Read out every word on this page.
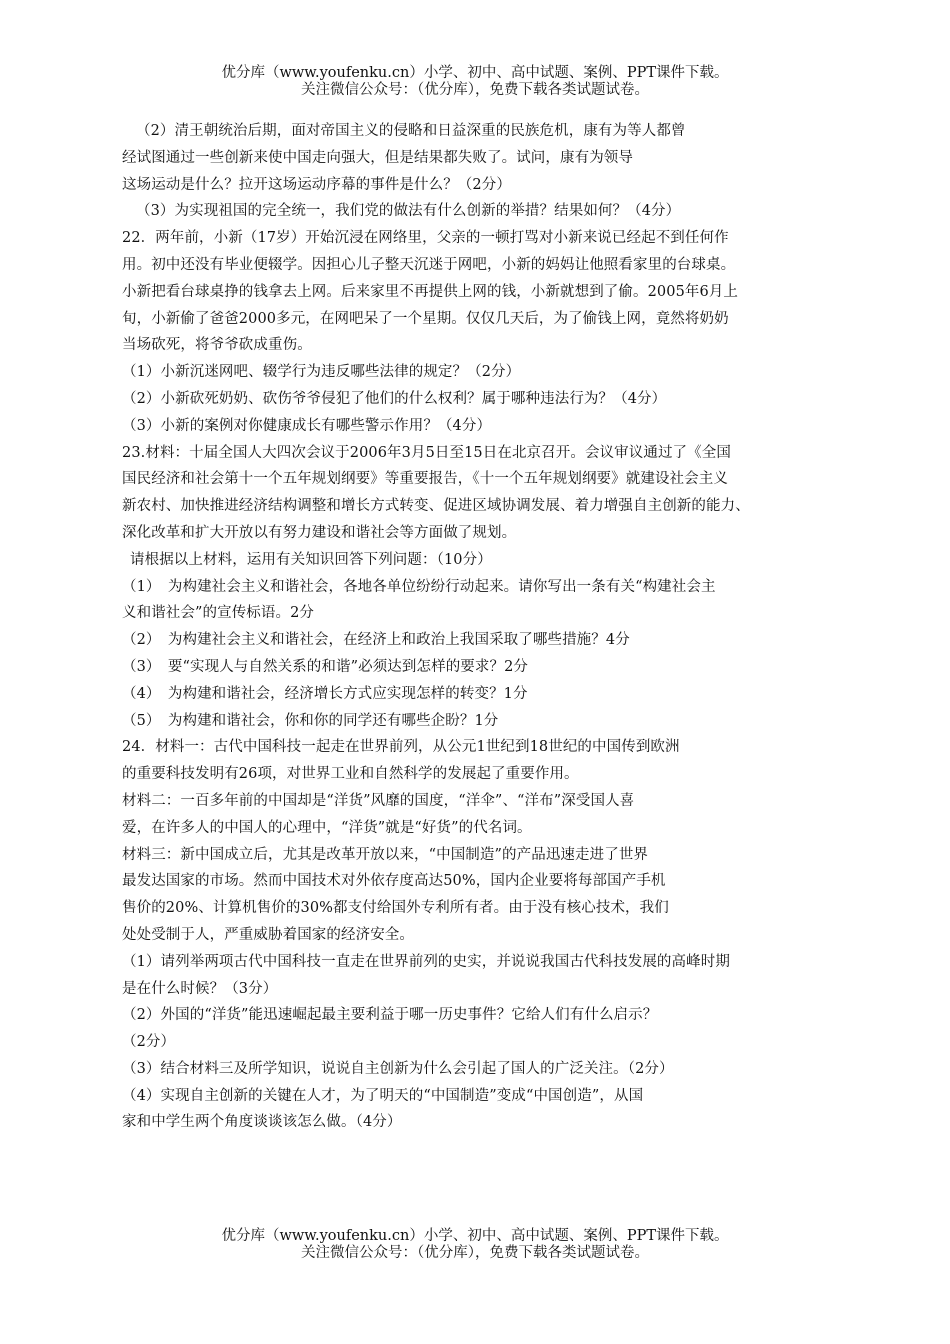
优分库（www.youfenku.cn）小学、初中、高中试题、案例、PPT课件下载。
关注微信公众号：（优分库），免费下载各类试题试卷。
（2）清王朝统治后期，面对帝国主义的侵略和日益深重的民族危机，康有为等人都曾
经试图通过一些创新来使中国走向强大，但是结果都失败了。试问，康有为领导
这场运动是什么？拉开这场运动序幕的事件是什么？（2分）
（3）为实现祖国的完全统一，我们党的做法有什么创新的举措？结果如何？（4分）
22．两年前，小新（17岁）开始沉浸在网络里，父亲的一顿打骂对小新来说已经起不到任何作
用。初中还没有毕业便辍学。因担心儿子整天沉迷于网吧，小新的妈妈让他照看家里的台球桌。
小新把看台球桌挣的钱拿去上网。后来家里不再提供上网的钱，小新就想到了偷。2005年6月上
旬，小新偷了爸爸2000多元，在网吧呆了一个星期。仅仅几天后，为了偷钱上网，竟然将奶奶
当场砍死，将爷爷砍成重伤。
（1）小新沉迷网吧、辍学行为违反哪些法律的规定？（2分）
（2）小新砍死奶奶、砍伤爷爷侵犯了他们的什么权利？属于哪种违法行为？（4分）
（3）小新的案例对你健康成长有哪些警示作用？（4分）
23.材料：十届全国人大四次会议于2006年3月5日至15日在北京召开。会议审议通过了《全国
国民经济和社会第十一个五年规划纲要》等重要报告，《十一个五年规划纲要》就建设社会主义
新农村、加快推进经济结构调整和增长方式转变、促进区域协调发展、着力增强自主创新的能力、
深化改革和扩大开放以有努力建设和谐社会等方面做了规划。
请根据以上材料，运用有关知识回答下列问题：（10分）
（1）　为构建社会主义和谐社会，各地各单位纷纷行动起来。请你写出一条有关“构建社会主
义和谐社会”的宣传标语。2分
（2）　为构建社会主义和谐社会，在经济上和政治上我国采取了哪些措施？4分
（3）　要“实现人与自然关系的和谐”必须达到怎样的要求？2分
（4）　为构建和谐社会，经济增长方式应实现怎样的转变？1分
（5）　为构建和谐社会，你和你的同学还有哪些企盼？1分
24．材料一：古代中国科技一起走在世界前列，从公元1世纪到18世纪的中国传到欧洲
的重要科技发明有26项，对世界工业和自然科学的发展起了重要作用。
材料二：一百多年前的中国却是“洋货”风靡的国度，“洋伞”、“洋布”深受国人喜
爱，在许多人的中国人的心理中，“洋货”就是“好货”的代名词。
材料三：新中国成立后，尤其是改革开放以来，“中国制造”的产品迅速走进了世界
最发达国家的市场。然而中国技术对外依存度高达50%，国内企业要将每部国产手机
售价的20%、计算机售价的30%都支付给国外专利所有者。由于没有核心技术，我们
处处受制于人，严重威胁着国家的经济安全。
（1）请列举两项古代中国科技一直走在世界前列的史实，并说说我国古代科技发展的高峰时期
是在什么时候？（3分）
（2）外国的“洋货”能迅速崛起最主要利益于哪一历史事件？它给人们有什么启示？
（2分）
（3）结合材料三及所学知识，说说自主创新为什么会引起了国人的广泛关注。（2分）
（4）实现自主创新的关键在人才，为了明天的“中国制造”变成“中国创造”，从国
家和中学生两个角度谈谈该怎么做。（4分）
优分库（www.youfenku.cn）小学、初中、高中试题、案例、PPT课件下载。
关注微信公众号：（优分库），免费下载各类试题试卷。
